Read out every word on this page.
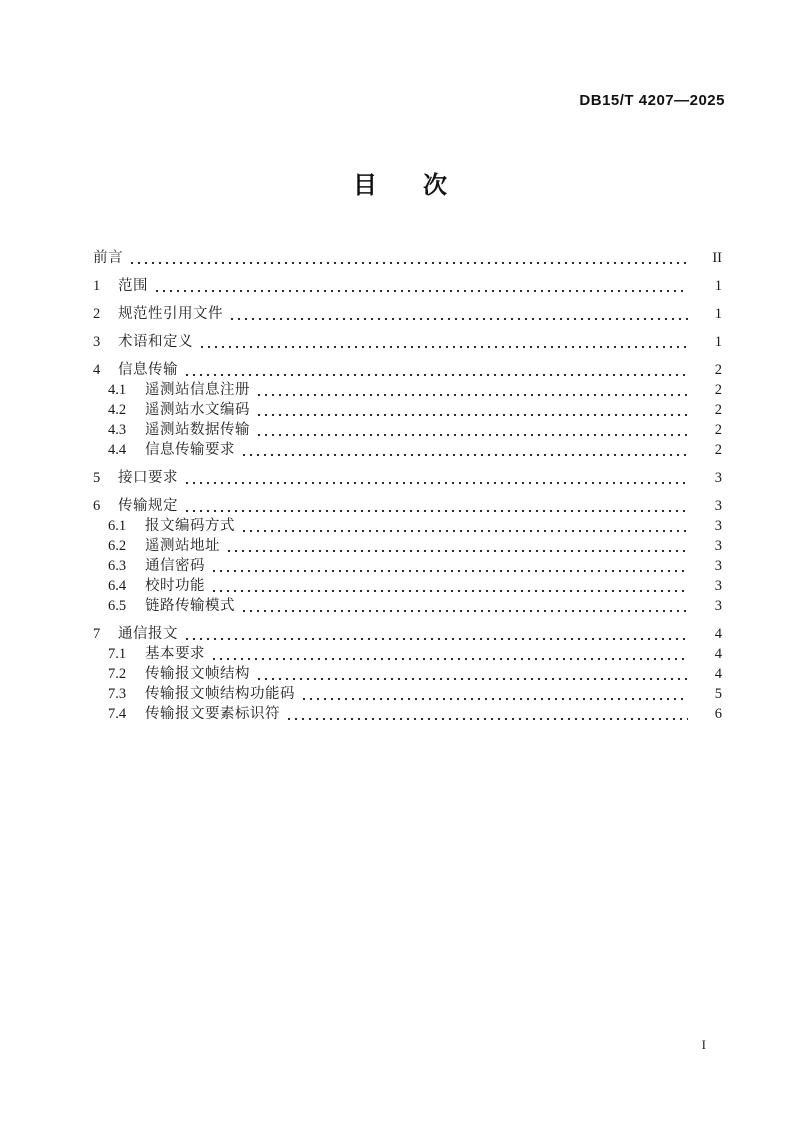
DB15/T 4207—2025
目 次
前言	II
1	范围	1
2	规范性引用文件	1
3	术语和定义	1
4	信息传输	2
4.1	遥测站信息注册	2
4.2	遥测站水文编码	2
4.3	遥测站数据传输	2
4.4	信息传输要求	2
5	接口要求	3
6	传输规定	3
6.1	报文编码方式	3
6.2	遥测站地址	3
6.3	通信密码	3
6.4	校时功能	3
6.5	链路传输模式	3
7	通信报文	4
7.1	基本要求	4
7.2	传输报文帧结构	4
7.3	传输报文帧结构功能码	5
7.4	传输报文要素标识符	6
I
